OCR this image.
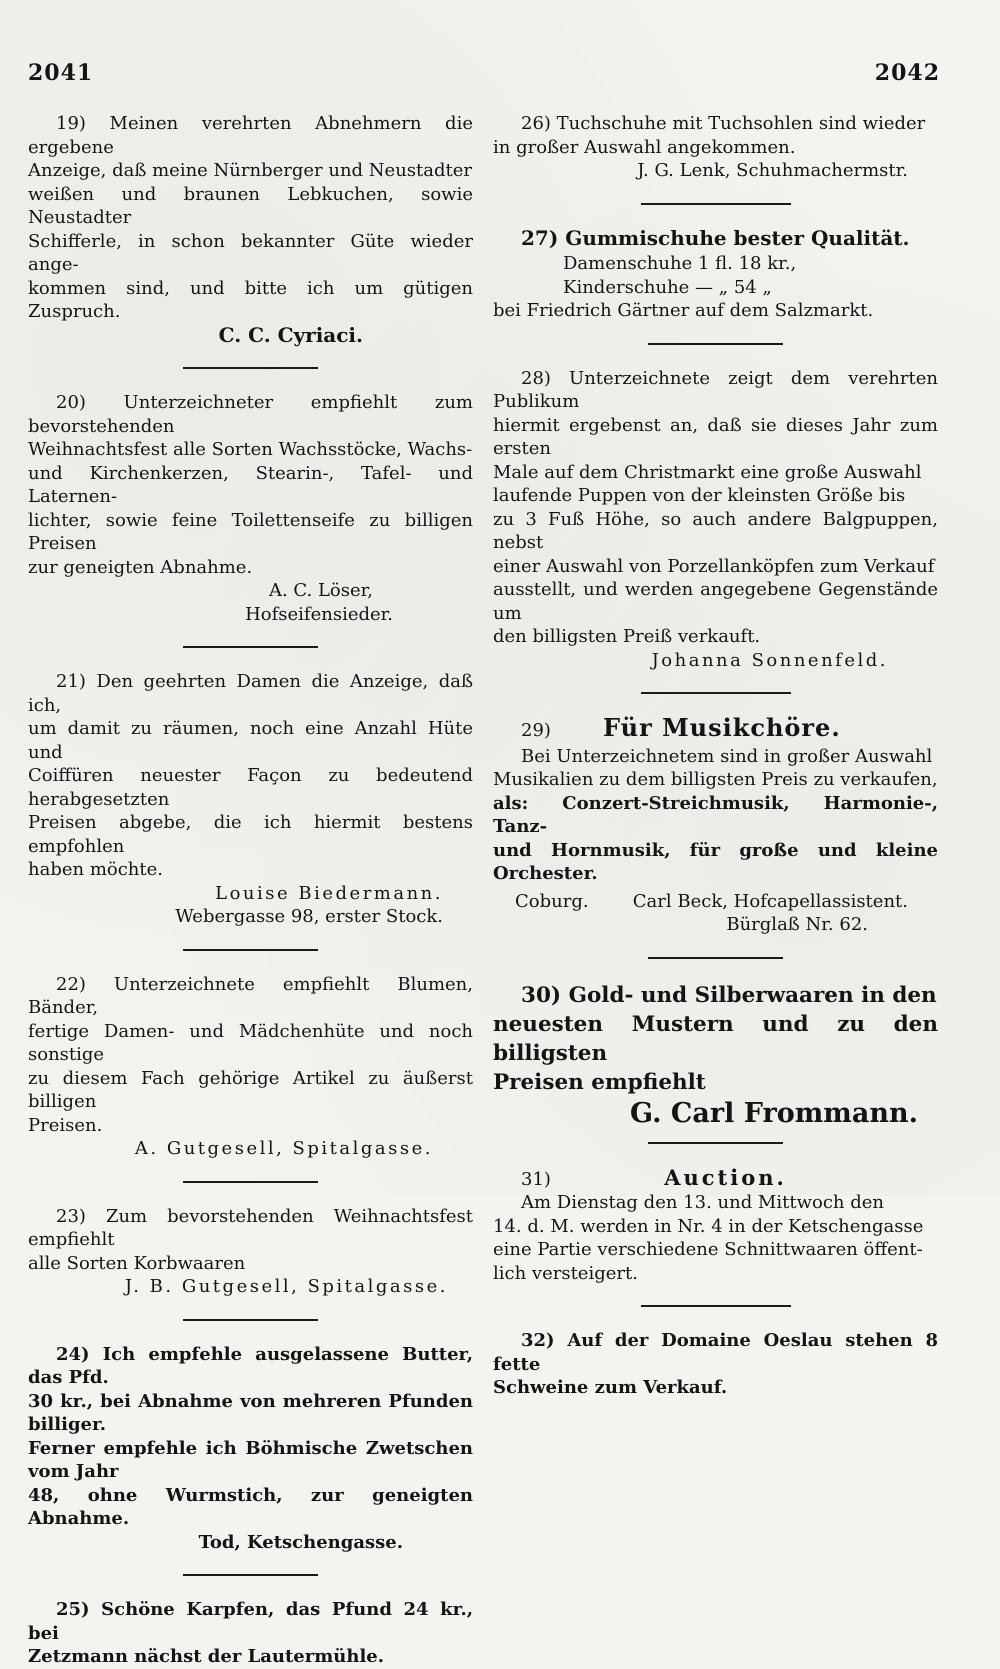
2041	2042
19) Meinen verehrten Abnehmern die ergebene
Anzeige, daß meine Nürnberger und Neustadter
weißen und braunen Lebkuchen, sowie Neustadter
Schifferle, in schon bekannter Güte wieder ange-
kommen sind, und bitte ich um gütigen Zuspruch.
C. C. Cyriaci.
20) Unterzeichneter empfiehlt zum bevorstehenden
Weihnachtsfest alle Sorten Wachsstöcke, Wachs-
und Kirchenkerzen, Stearin-, Tafel- und Laternen-
lichter, sowie feine Toilettenseife zu billigen Preisen
zur geneigten Abnahme.
A. C. Löser,
Hofseifensieder.
21) Den geehrten Damen die Anzeige, daß ich,
um damit zu räumen, noch eine Anzahl Hüte und
Coiffüren neuester Façon zu bedeutend herabgesetzten
Preisen abgebe, die ich hiermit bestens empfohlen
haben möchte.
Louise Biedermann.
Webergasse 98, erster Stock.
22) Unterzeichnete empfiehlt Blumen, Bänder,
fertige Damen- und Mädchenhüte und noch sonstige
zu diesem Fach gehörige Artikel zu äußerst billigen
Preisen.
A. Gutgesell, Spitalgasse.
23) Zum bevorstehenden Weihnachtsfest empfiehlt
alle Sorten Korbwaaren
J. B. Gutgesell, Spitalgasse.
24) Ich empfehle ausgelassene Butter, das Pfd.
30 kr., bei Abnahme von mehreren Pfunden billiger.
Ferner empfehle ich Böhmische Zwetschen vom Jahr
48, ohne Wurmstich, zur geneigten Abnahme.
Tod, Ketschengasse.
25) Schöne Karpfen, das Pfund 24 kr., bei
Zetzmann nächst der Lautermühle.
26) Tuchschuhe mit Tuchsohlen sind wieder
in großer Auswahl angekommen.
J. G. Lenk, Schuhmachermstr.
27) Gummischuhe bester Qualität.
Damenschuhe 1 fl. 18 kr.,
Kinderschuhe — „ 54 „
bei Friedrich Gärtner auf dem Salzmarkt.
28) Unterzeichnete zeigt dem verehrten Publikum
hiermit ergebenst an, daß sie dieses Jahr zum ersten
Male auf dem Christmarkt eine große Auswahl
laufende Puppen von der kleinsten Größe bis
zu 3 Fuß Höhe, so auch andere Balgpuppen, nebst
einer Auswahl von Porzellanköpfen zum Verkauf
ausstellt, und werden angegebene Gegenstände um
den billigsten Preiß verkauft.
Johanna Sonnenfeld.
29)	Für Musikchöre.
Bei Unterzeichnetem sind in großer Auswahl
Musikalien zu dem billigsten Preis zu verkaufen,
als: Conzert-Streichmusik, Harmonie-, Tanz-
und Hornmusik, für große und kleine Orchester.
Coburg. Carl Beck, Hofcapellassistent.
Bürglaß Nr. 62.
30) Gold- und Silberwaaren in den
neuesten Mustern und zu den billigsten
Preisen empfiehlt
G. Carl Frommann.
31)	Auction.
Am Dienstag den 13. und Mittwoch den
14. d. M. werden in Nr. 4 in der Ketschengasse
eine Partie verschiedene Schnittwaaren öffent-
lich versteigert.
32) Auf der Domaine Oeslau stehen 8 fette
Schweine zum Verkauf.
